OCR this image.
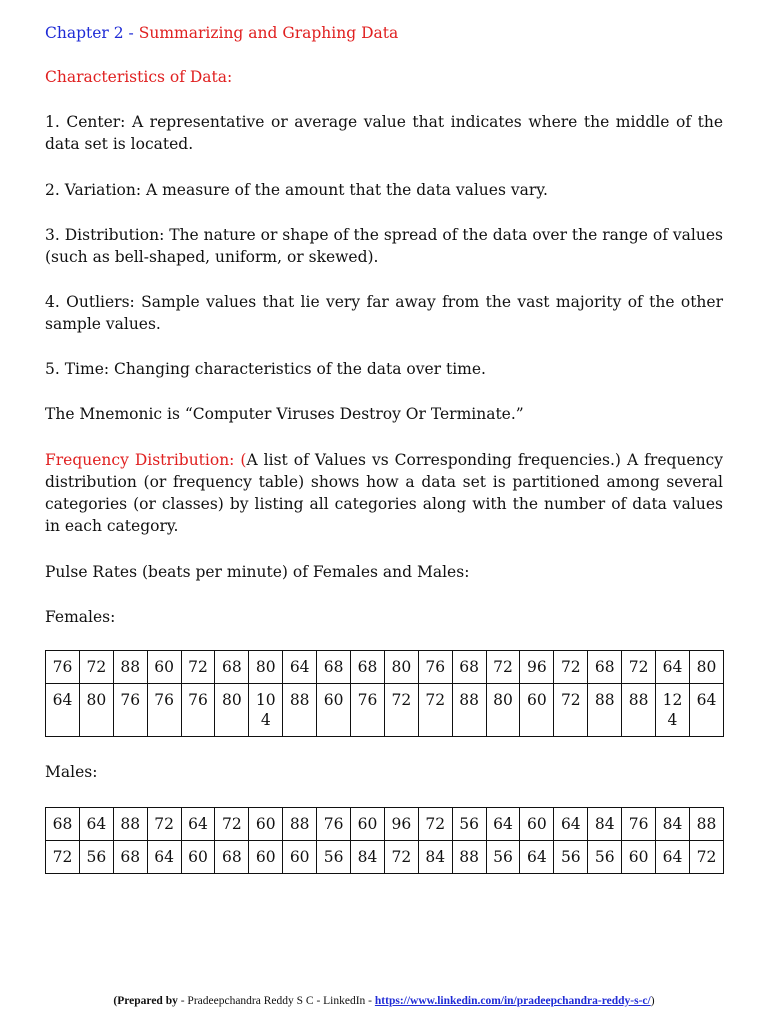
Chapter 2 - Summarizing and Graphing Data

Characteristics of Data:

1. Center: A representative or average value that indicates where the middle of the data set is located.

2. Variation: A measure of the amount that the data values vary.

3. Distribution: The nature or shape of the spread of the data over the range of values (such as bell-shaped, uniform, or skewed).

4. Outliers: Sample values that lie very far away from the vast majority of the other sample values.

5. Time: Changing characteristics of the data over time.

The Mnemonic is “Computer Viruses Destroy Or Terminate.”

Frequency Distribution: (A list of Values vs Corresponding frequencies.) A frequency distribution (or frequency table) shows how a data set is partitioned among several categories (or classes) by listing all categories along with the number of data values in each category.

Pulse Rates (beats per minute) of Females and Males:

Females:

76	72	88	60	72	68	80	64	68	68	80	76	68	72	96	72	68	72	64	80
64	80	76	76	76	80	104	88	60	76	72	72	88	80	60	72	88	88	124	64

Males:

68	64	88	72	64	72	60	88	76	60	96	72	56	64	60	64	84	76	84	88
72	56	68	64	60	68	60	60	56	84	72	84	88	56	64	56	56	60	64	72
(Prepared by - Pradeepchandra Reddy S C - LinkedIn - https://www.linkedin.com/in/pradeepchandra-reddy-s-c/)
